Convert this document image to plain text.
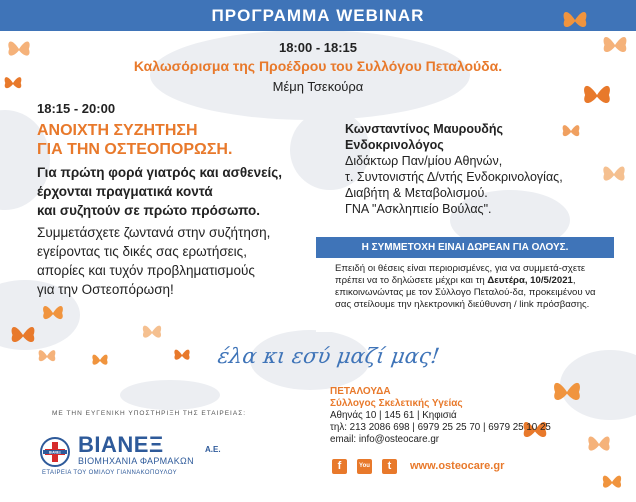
ΠΡΟΓΡΑΜΜΑ WEBINAR
18:00 - 18:15
Καλωσόρισμα της Προέδρου του Συλλόγου Πεταλούδα.
Μέμη Τσεκούρα
18:15 - 20:00
ΑΝΟΙΧΤΗ ΣΥΖΗΤΗΣΗ
ΓΙΑ ΤΗΝ ΟΣΤΕΟΠΟΡΩΣΗ.
Για πρώτη φορά γιατρός και ασθενείς,
έρχονται πραγματικά κοντά
και συζητούν σε πρώτο πρόσωπο.
Συμμετάσχετε ζωντανά στην συζήτηση,
εγείροντας τις δικές σας ερωτήσεις,
απορίες και τυχόν προβληματισμούς
για την Οστεοπόρωση!
Κωνσταντίνος Μαυρουδής
Ενδοκρινολόγος
Διδάκτωρ Παν/μίου Αθηνών,
τ. Συντονιστής Δ/ντής Ενδοκρινολογίας,
Διαβήτη & Μεταβολισμού.
ΓΝΑ "Ασκληπιείο Βούλας".
Η ΣΥΜΜΕΤΟΧΗ ΕΙΝΑΙ ΔΩΡΕΑΝ ΓΙΑ ΟΛΟΥΣ.
Επειδή οι θέσεις είναι περιορισμένες, για να συμμετά-σχετε πρέπει να το δηλώσετε μέχρι και τη Δευτέρα, 10/5/2021, επικοινωνώντας με τον Σύλλογο Πεταλού-δα, προκειμένου να σας στείλουμε την ηλεκτρονική διεύθυνση / link πρόσβασης.
έλα κι εσύ μαζί μας!
ΜΕ ΤΗΝ ΕΥΓΕΝΙΚΗ ΥΠΟΣΤΗΡΙΞΗ ΤΗΣ ΕΤΑΙΡΕΙΑΣ:
ΒΙΑΝΕΞ ΒΙΑΝΕΞ	Α.Ε.
ΒΙΟΜΗΧΑΝΙΑ ΦΑΡΜΑΚΩΝ
ΕΤΑΙΡΕΙΑ ΤΟΥ ΟΜΙΛΟΥ ΓΙΑΝΝΑΚΟΠΟΥΛΟΥ
ΠΕΤΑΛΟΥΔΑ
Σύλλογος Σκελετικής Υγείας
Αθηνάς 10 | 145 61 | Κηφισιά
τηλ: 213 2086 698 | 6979 25 25 70 | 6979 25 10 25
email: info@osteocare.gr
f	You	t	www.osteocare.gr
